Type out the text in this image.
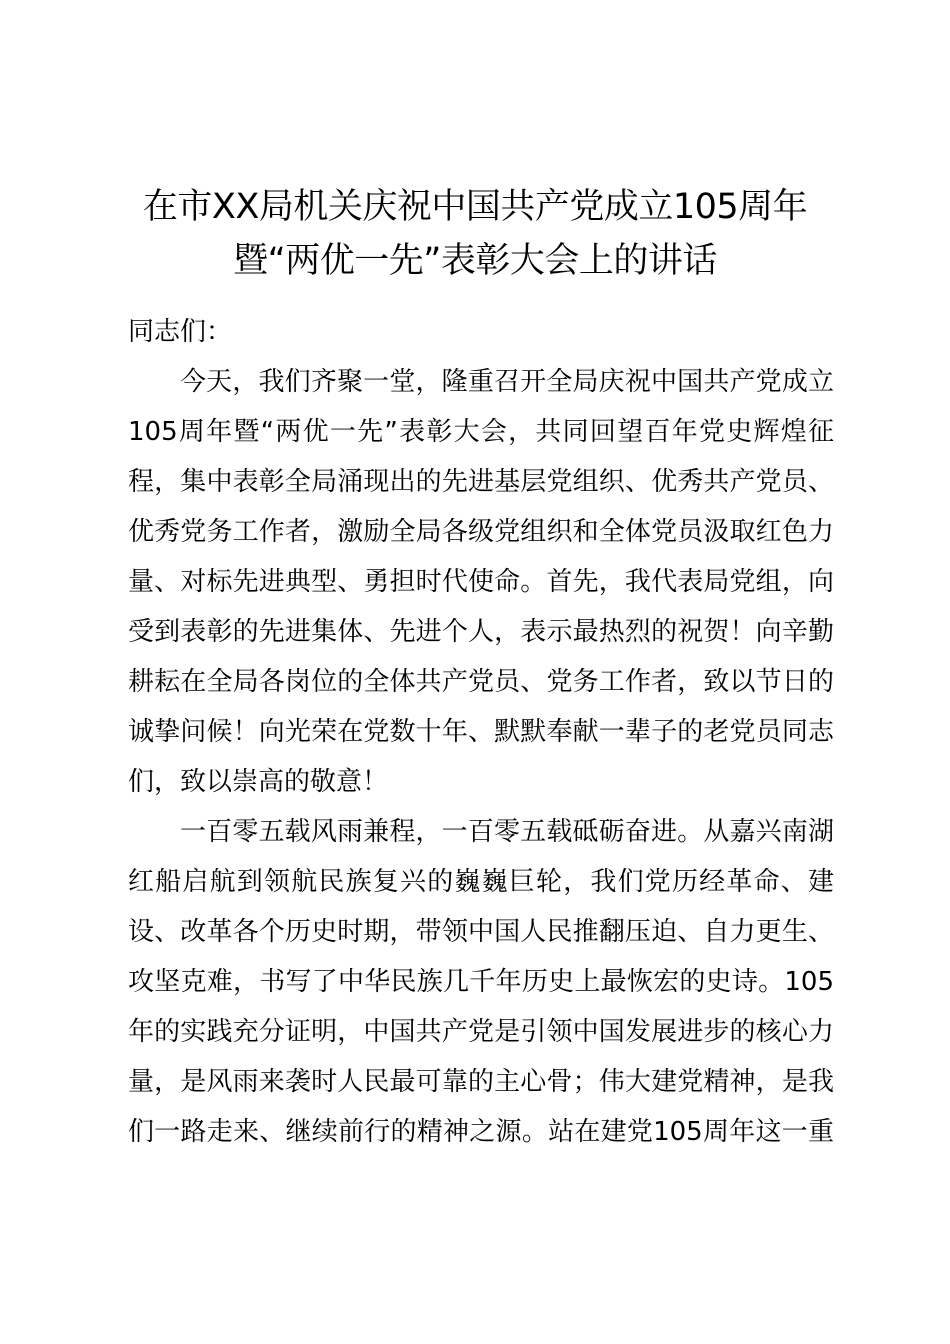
在市XX局机关庆祝中国共产党成立105周年
暨“两优一先”表彰大会上的讲话

同志们：

今天，我们齐聚一堂，隆重召开全局庆祝中国共产党成立
105周年暨“两优一先”表彰大会，共同回望百年党史辉煌征
程，集中表彰全局涌现出的先进基层党组织、优秀共产党员、
优秀党务工作者，激励全局各级党组织和全体党员汲取红色力
量、对标先进典型、勇担时代使命。首先，我代表局党组，向
受到表彰的先进集体、先进个人，表示最热烈的祝贺！向辛勤
耕耘在全局各岗位的全体共产党员、党务工作者，致以节日的
诚挚问候！向光荣在党数十年、默默奉献一辈子的老党员同志
们，致以崇高的敬意！

一百零五载风雨兼程，一百零五载砥砺奋进。从嘉兴南湖
红船启航到领航民族复兴的巍巍巨轮，我们党历经革命、建
设、改革各个历史时期，带领中国人民推翻压迫、自力更生、
攻坚克难，书写了中华民族几千年历史上最恢宏的史诗。105
年的实践充分证明，中国共产党是引领中国发展进步的核心力
量，是风雨来袭时人民最可靠的主心骨；伟大建党精神，是我
们一路走来、继续前行的精神之源。站在建党105周年这一重
